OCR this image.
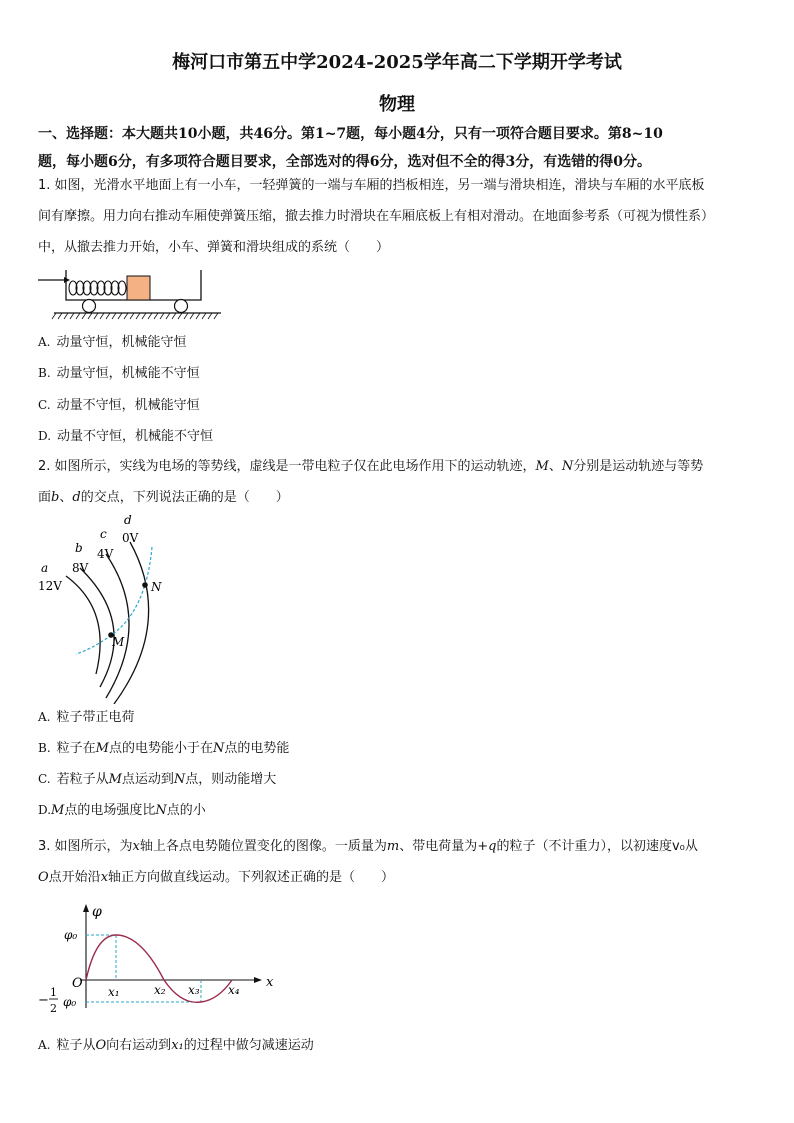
梅河口市第五中学2024-2025学年高二下学期开学考试
物理
一、选择题：本大题共10小题，共46分。第1~7题，每小题4分，只有一项符合题目要求。第8~10
题，每小题6分，有多项符合题目要求，全部选对的得6分，选对但不全的得3分，有选错的得0分。
1. 如图，光滑水平地面上有一小车，一轻弹簧的一端与车厢的挡板相连，另一端与滑块相连，滑块与车厢的水平底板
间有摩擦。用力向右推动车厢使弹簧压缩，撤去推力时滑块在车厢底板上有相对滑动。在地面参考系（可视为惯性系）
中，从撤去推力开始，小车、弹簧和滑块组成的系统（　　）
A. 动量守恒，机械能守恒
B. 动量守恒，机械能不守恒
C. 动量不守恒，机械能守恒
D. 动量不守恒，机械能不守恒
2. 如图所示，实线为电场的等势线，虚线是一带电粒子仅在此电场作用下的运动轨迹，M、N分别是运动轨迹与等势
面b、d的交点，下列说法正确的是（　　）
a
12V
b
8V
c
4V
d
0V
M
N
A. 粒子带正电荷
B. 粒子在M点的电势能小于在N点的电势能
C. 若粒子从M点运动到N点，则动能增大
D.M点的电场强度比N点的小
3. 如图所示，为x轴上各点电势随位置变化的图像。一质量为m、带电荷量为+q的粒子（不计重力），以初速度v₀从
O点开始沿x轴正方向做直线运动。下列叙述正确的是（　　）
φ
x
O
φ₀
−
1
2 φ₀
x₁	x₂ x₃ x₄
A. 粒子从O向右运动到x₁的过程中做匀减速运动
